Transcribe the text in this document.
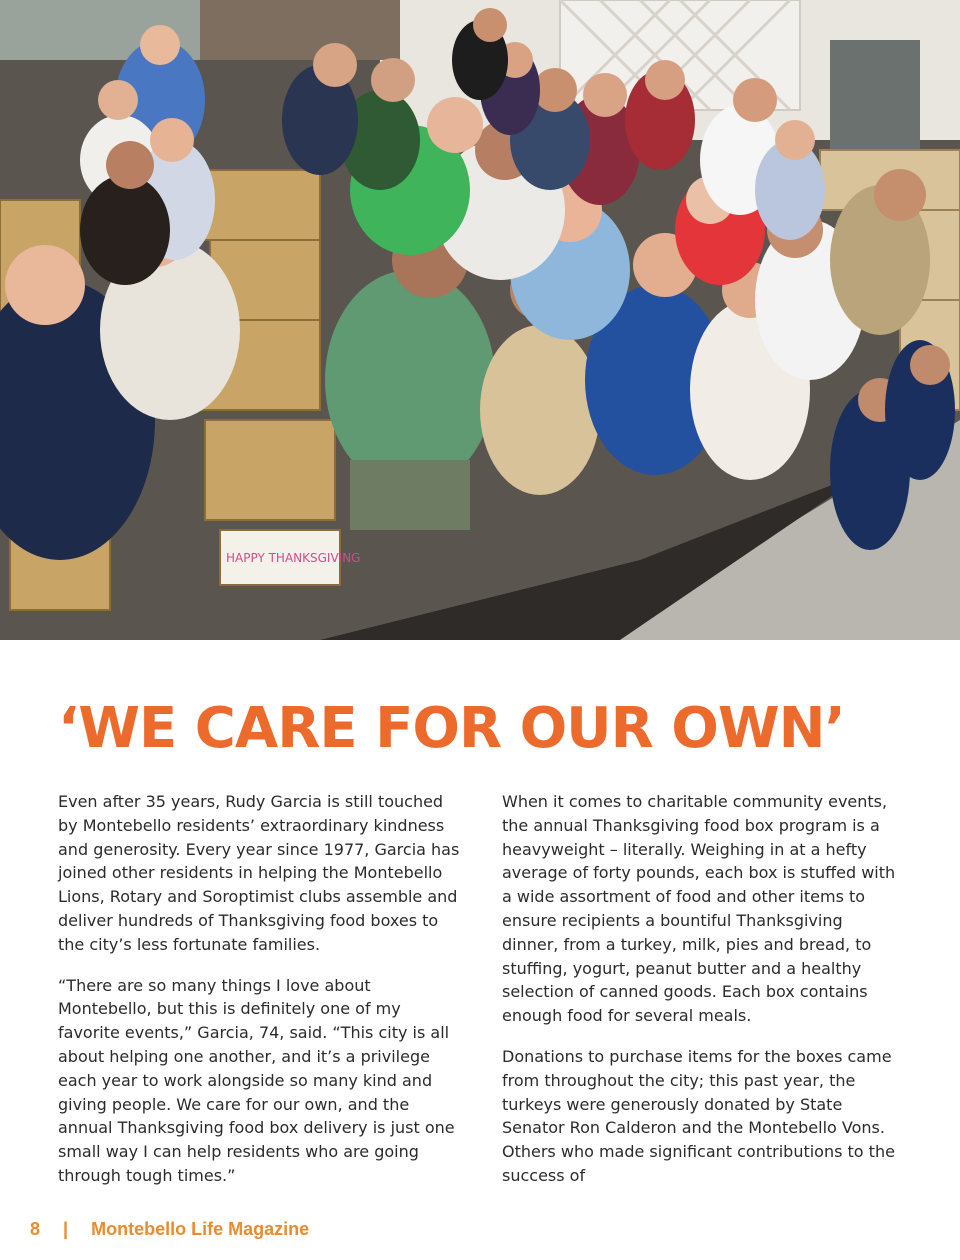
HAPPY THANKSGIVING
‘WE CARE FOR OUR OWN’

Even after 35 years, Rudy Garcia is still touched by Montebello residents’ extraordinary kindness and generosity. Every year since 1977, Garcia has joined other residents in helping the Montebello Lions, Rotary and Soroptimist clubs assemble and deliver hundreds of Thanksgiving food boxes to the city’s less fortunate families.

“There are so many things I love about Montebello, but this is definitely one of my favorite events,” Garcia, 74, said. “This city is all about helping one another, and it’s a privilege each year to work alongside so many kind and giving people. We care for our own, and the annual Thanksgiving food box delivery is just one small way I can help residents who are going through tough times.”

When it comes to charitable community events, the annual Thanksgiving food box program is a heavyweight – literally. Weighing in at a hefty average of forty pounds, each box is stuffed with a wide assortment of food and other items to ensure recipients a bountiful Thanksgiving dinner, from a turkey, milk, pies and bread, to stuffing, yogurt, peanut butter and a healthy selection of canned goods. Each box contains enough food for several meals.

Donations to purchase items for the boxes came from throughout the city; this past year, the turkeys were generously donated by State Senator Ron Calderon and the Montebello Vons. Others who made significant contributions to the success of

8 | Montebello Life Magazine
